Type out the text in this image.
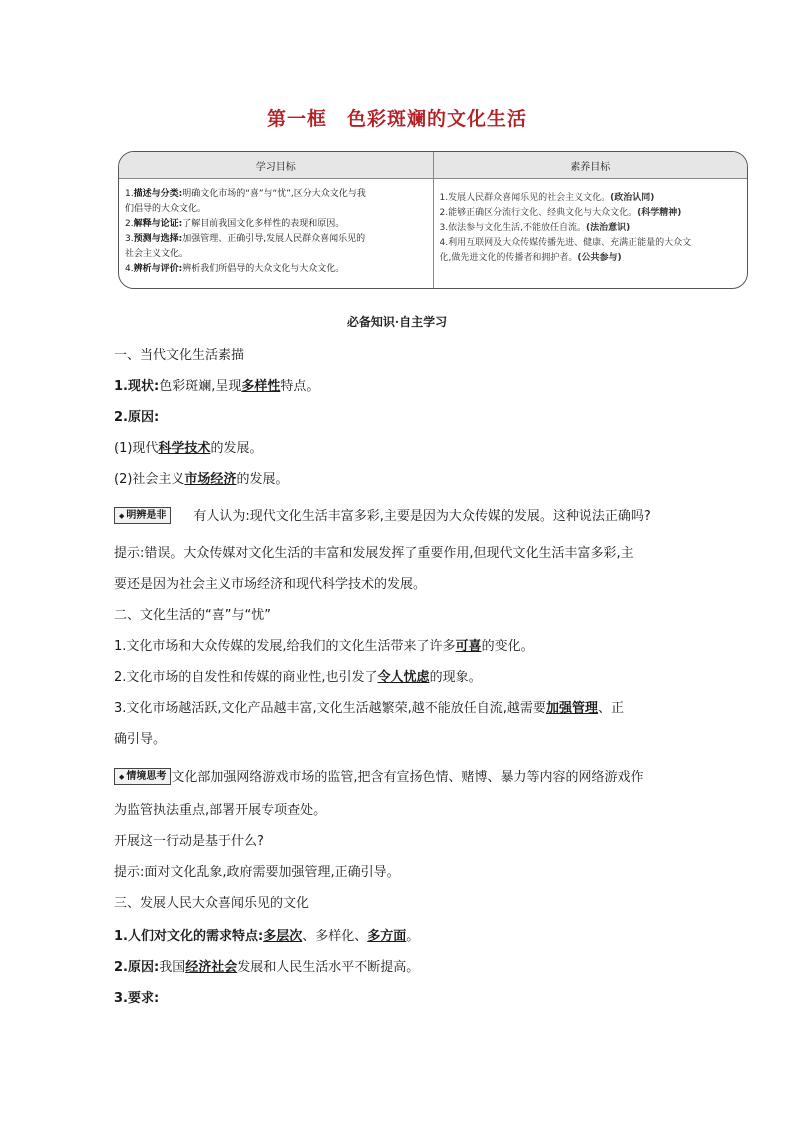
第一框　色彩斑斓的文化生活
学习目标	素养目标
1.描述与分类:明确文化市场的“喜”与“忧”,区分大众文化与我
们倡导的大众文化。
2.解释与论证:了解目前我国文化多样性的表现和原因。
3.预测与选择:加强管理、正确引导,发展人民群众喜闻乐见的
社会主义文化。
4.辨析与评价:辨析我们所倡导的大众文化与大众文化。
1.发展人民群众喜闻乐见的社会主义文化。(政治认同)
2.能够正确区分流行文化、经典文化与大众文化。(科学精神)
3.依法参与文化生活,不能放任自流。(法治意识)
4.利用互联网及大众传媒传播先进、健康、充满正能量的大众文
化,做先进文化的传播者和拥护者。(公共参与)
必备知识·自主学习
一、当代文化生活素描
1.现状:色彩斑斓,呈现多样性特点。
2.原因:
(1)现代科学技术的发展。
(2)社会主义市场经济的发展。
◆ 明辨是非 有人认为:现代文化生活丰富多彩,主要是因为大众传媒的发展。这种说法正确吗?
提示:错误。大众传媒对文化生活的丰富和发展发挥了重要作用,但现代文化生活丰富多彩,主
要还是因为社会主义市场经济和现代科学技术的发展。
二、文化生活的“喜”与“忧”
1.文化市场和大众传媒的发展,给我们的文化生活带来了许多可喜的变化。
2.文化市场的自发性和传媒的商业性,也引发了令人忧虑的现象。
3.文化市场越活跃,文化产品越丰富,文化生活越繁荣,越不能放任自流,越需要加强管理、正
确引导。
◆ 情境思考 文化部加强网络游戏市场的监管,把含有宣扬色情、赌博、暴力等内容的网络游戏作
为监管执法重点,部署开展专项查处。
开展这一行动是基于什么?
提示:面对文化乱象,政府需要加强管理,正确引导。
三、发展人民大众喜闻乐见的文化
1.人们对文化的需求特点:多层次、多样化、多方面。
2.原因:我国经济社会发展和人民生活水平不断提高。
3.要求:
